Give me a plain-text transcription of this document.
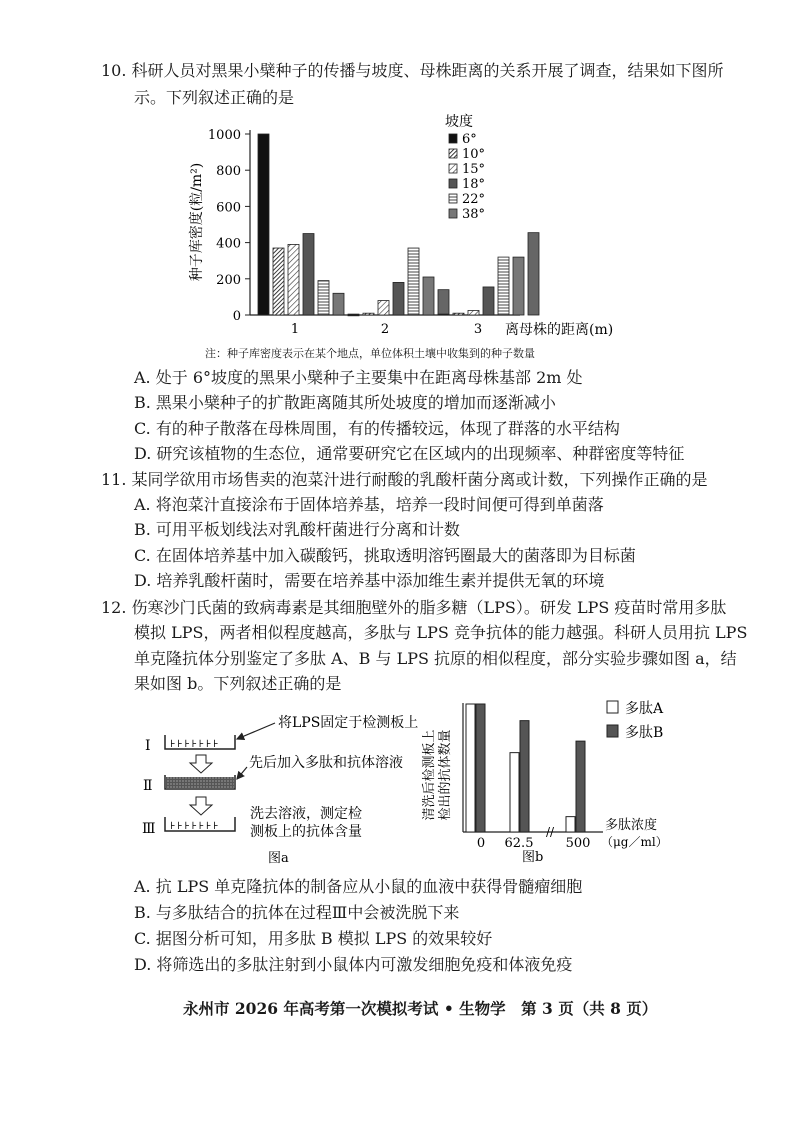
10. 科研人员对黑果小檗种子的传播与坡度、母株距离的关系开展了调查，结果如下图所
示。下列叙述正确的是
种子库密度(粒/m²)
0
200
400
600
800
1000
1	2	3 离母株的距离(m)
坡度
6°
10°
15°
18°
22°
38°
注：种子库密度表示在某个地点，单位体积土壤中收集到的种子数量
A. 处于 6°坡度的黑果小檗种子主要集中在距离母株基部 2m 处
B. 黑果小檗种子的扩散距离随其所处坡度的增加而逐渐减小
C. 有的种子散落在母株周围，有的传播较远，体现了群落的水平结构
D. 研究该植物的生态位，通常要研究它在区域内的出现频率、种群密度等特征
11. 某同学欲用市场售卖的泡菜汁进行耐酸的乳酸杆菌分离或计数，下列操作正确的是
A. 将泡菜汁直接涂布于固体培养基，培养一段时间便可得到单菌落
B. 可用平板划线法对乳酸杆菌进行分离和计数
C. 在固体培养基中加入碳酸钙，挑取透明溶钙圈最大的菌落即为目标菌
D. 培养乳酸杆菌时，需要在培养基中添加维生素并提供无氧的环境
12. 伤寒沙门氏菌的致病毒素是其细胞壁外的脂多糖（LPS）。研发 LPS 疫苗时常用多肽
模拟 LPS，两者相似程度越高，多肽与 LPS 竞争抗体的能力越强。科研人员用抗 LPS
单克隆抗体分别鉴定了多肽 A、B 与 LPS 抗原的相似程度，部分实验步骤如图 a，结
果如图 b。下列叙述正确的是
Ⅰ ⊦⊦⊦⊦⊦⊦⊦
将LPS固定于检测板上
Ⅱ
先后加入多肽和抗体溶液
Ⅲ ⊦⊦⊦⊦⊦⊦⊦
洗去溶液，测定检
测板上的抗体含量
图a
清洗后检测板上 检出的抗体数量
//
0 62.5 500
多肽浓度
（μg／ml）
图b
多肽A
多肽B
A. 抗 LPS 单克隆抗体的制备应从小鼠的血液中获得骨髓瘤细胞
B. 与多肽结合的抗体在过程Ⅲ中会被洗脱下来
C. 据图分析可知，用多肽 B 模拟 LPS 的效果较好
D. 将筛选出的多肽注射到小鼠体内可激发细胞免疫和体液免疫
永州市 2026 年高考第一次模拟考试 • 生物学　第 3 页（共 8 页）
